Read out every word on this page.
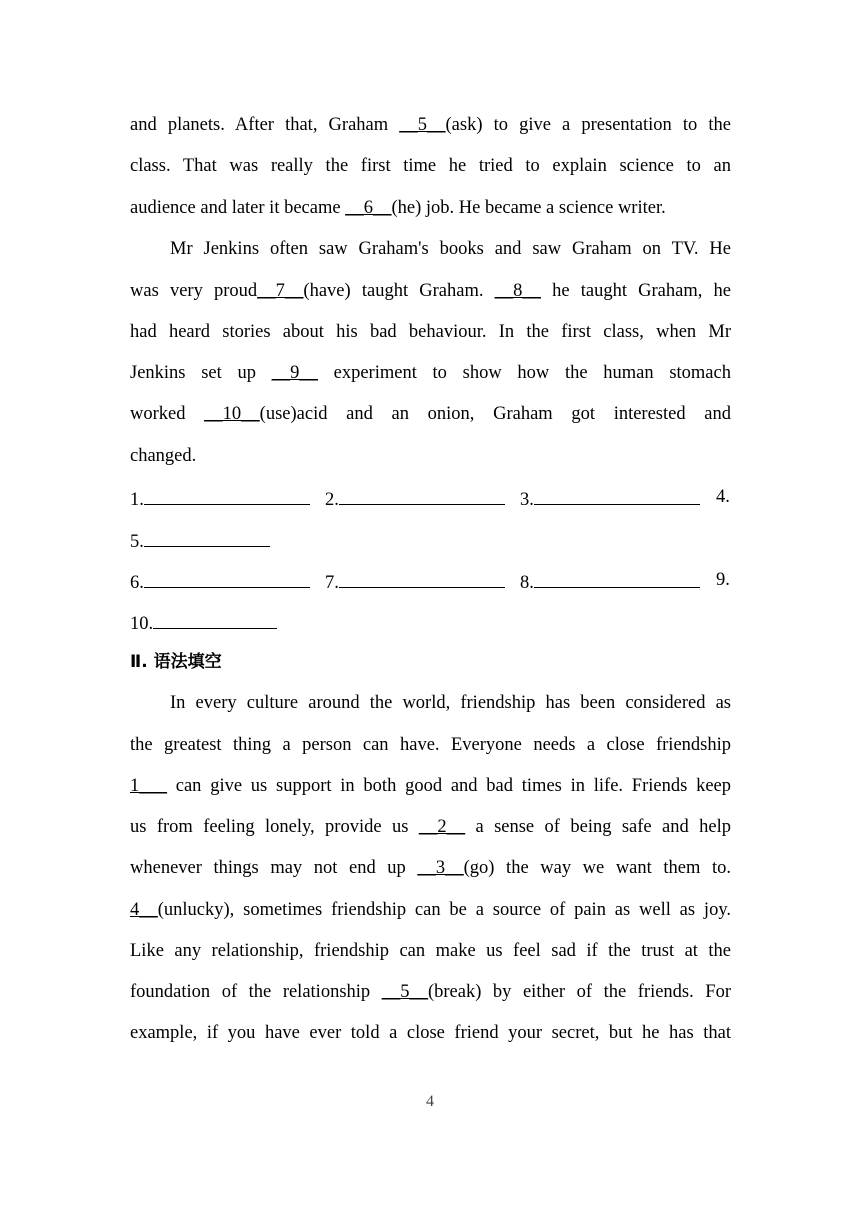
and planets. After that, Graham __5__(ask) to give a presentation to the
class. That was really the first time he tried to explain science to an
audience and later it became __6__(he) job. He became a science writer.
Mr Jenkins often saw Graham's books and saw Graham on TV. He
was very proud__7__(have) taught Graham. __8__ he taught Graham, he
had heard stories about his bad behaviour. In the first class, when Mr
Jenkins set up __9__ experiment to show how the human stomach
worked __10__(use)acid and an onion, Graham got interested and
changed.
1.	2.	3.	4.
5.
6.	7.	8.	9.
10.
Ⅱ. 语法填空
In every culture around the world, friendship has been considered as
the greatest thing a person can have. Everyone needs a close friendship
1___ can give us support in both good and bad times in life. Friends keep
us from feeling lonely, provide us __2__ a sense of being safe and help
whenever things may not end up __3__(go) the way we want them to.
4__(unlucky), sometimes friendship can be a source of pain as well as joy.
Like any relationship, friendship can make us feel sad if the trust at the
foundation of the relationship __5__(break) by either of the friends. For
example, if you have ever told a close friend your secret, but he has that
4
